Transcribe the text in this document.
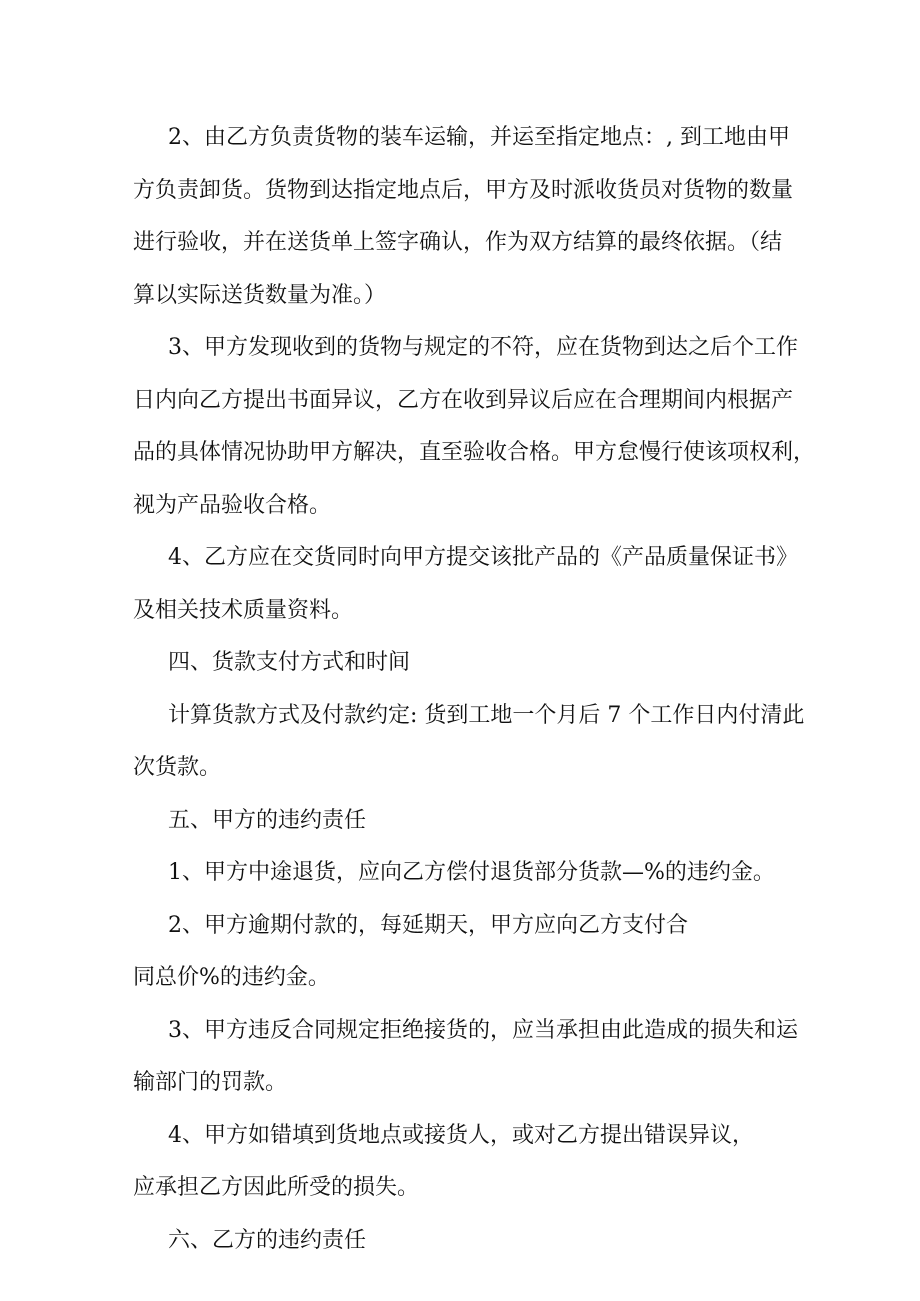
2、由乙方负责货物的装车运输，并运至指定地点：, 到工地由甲

方负责卸货。货物到达指定地点后，甲方及时派收货员对货物的数量

进行验收，并在送货单上签字确认，作为双方结算的最终依据。（结

算以实际送货数量为准。）

3、甲方发现收到的货物与规定的不符，应在货物到达之后个工作

日内向乙方提出书面异议，乙方在收到异议后应在合理期间内根据产

品的具体情况协助甲方解决，直至验收合格。甲方怠慢行使该项权利，

视为产品验收合格。

4、乙方应在交货同时向甲方提交该批产品的《产品质量保证书》

及相关技术质量资料。

四、货款支付方式和时间

计算货款方式及付款约定: 货到工地一个月后 7 个工作日内付清此

次货款。

五、甲方的违约责任

1、甲方中途退货，应向乙方偿付退货部分货款—%的违约金。

2、甲方逾期付款的，每延期天，甲方应向乙方支付合

同总价%的违约金。

3、甲方违反合同规定拒绝接货的，应当承担由此造成的损失和运

输部门的罚款。

4、甲方如错填到货地点或接货人，或对乙方提出错误异议，

应承担乙方因此所受的损失。

六、乙方的违约责任
